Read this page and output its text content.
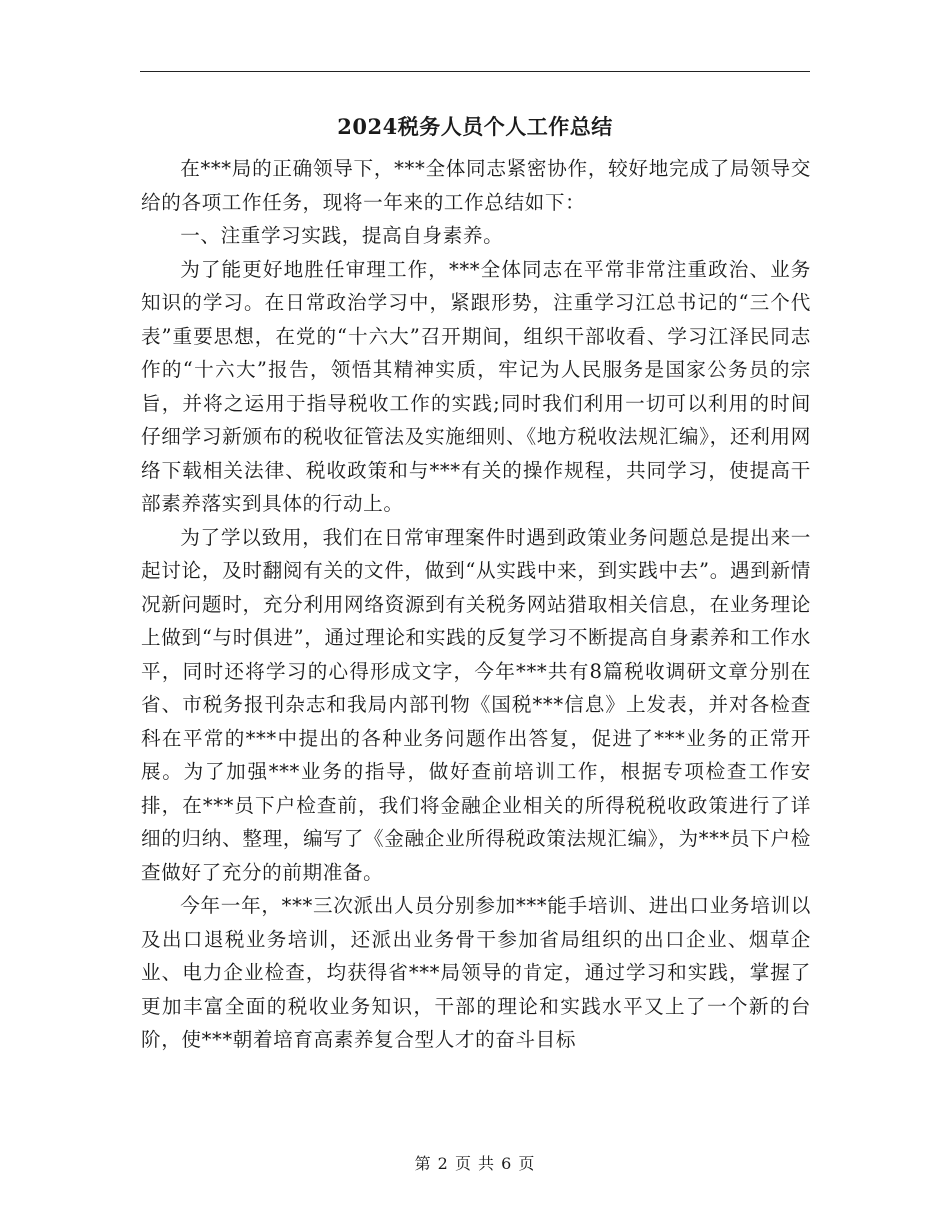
2024税务人员个人工作总结

在***局的正确领导下，***全体同志紧密协作，较好地完成了局领导交给的各项工作任务，现将一年来的工作总结如下：

一、注重学习实践，提高自身素养。

为了能更好地胜任审理工作，***全体同志在平常非常注重政治、业务知识的学习。在日常政治学习中，紧跟形势，注重学习江总书记的“三个代表”重要思想，在党的“十六大”召开期间，组织干部收看、学习江泽民同志作的“十六大”报告，领悟其精神实质，牢记为人民服务是国家公务员的宗旨，并将之运用于指导税收工作的实践;同时我们利用一切可以利用的时间仔细学习新颁布的税收征管法及实施细则、《地方税收法规汇编》，还利用网络下载相关法律、税收政策和与***有关的操作规程，共同学习，使提高干部素养落实到具体的行动上。

为了学以致用，我们在日常审理案件时遇到政策业务问题总是提出来一起讨论，及时翻阅有关的文件，做到“从实践中来，到实践中去”。遇到新情况新问题时，充分利用网络资源到有关税务网站猎取相关信息，在业务理论上做到“与时俱进”，通过理论和实践的反复学习不断提高自身素养和工作水平，同时还将学习的心得形成文字，今年***共有8篇税收调研文章分别在省、市税务报刊杂志和我局内部刊物《国税***信息》上发表，并对各检查科在平常的***中提出的各种业务问题作出答复，促进了***业务的正常开展。为了加强***业务的指导，做好查前培训工作，根据专项检查工作安排，在***员下户检查前，我们将金融企业相关的所得税税收政策进行了详细的归纳、整理，编写了《金融企业所得税政策法规汇编》，为***员下户检查做好了充分的前期准备。

今年一年，***三次派出人员分别参加***能手培训、进出口业务培训以及出口退税业务培训，还派出业务骨干参加省局组织的出口企业、烟草企业、电力企业检查，均获得省***局领导的肯定，通过学习和实践，掌握了更加丰富全面的税收业务知识，干部的理论和实践水平又上了一个新的台阶，使***朝着培育高素养复合型人才的奋斗目标

第 2 页 共 6 页
